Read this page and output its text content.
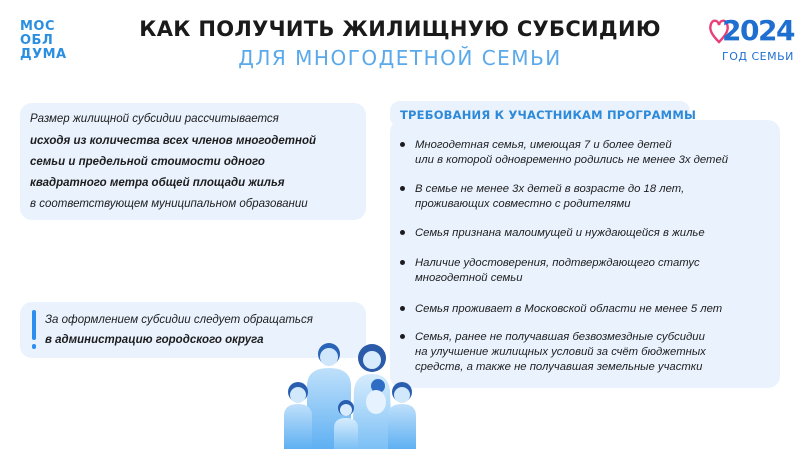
МОС
ОБЛ
ДУМА
КАК ПОЛУЧИТЬ ЖИЛИЩНУЮ СУБСИДИЮ
ДЛЯ МНОГОДЕТНОЙ СЕМЬИ
2024
ГОД СЕМЬИ
Размер жилищной субсидии рассчитывается
исходя из количества всех членов многодетной
семьи и предельной стоимости одного
квадратного метра общей площади жилья
в соответствующем муниципальном образовании
За оформлением субсидии следует обращаться
в администрацию городского округа
Многодетная семья, имеющая 7 и более детей
или в которой одновременно родились не менее 3х детей
В семье не менее 3х детей в возрасте до 18 лет,
проживающих совместно с родителями
Семья признана малоимущей и нуждающейся в жилье
Наличие удостоверения, подтверждающего статус
многодетной семьи
Семья проживает в Московской области не менее 5 лет
Семья, ранее не получавшая безвозмездные субсидии
на улучшение жилищных условий за счёт бюджетных
средств, а также не получавшая земельные участки
ТРЕБОВАНИЯ К УЧАСТНИКАМ ПРОГРАММЫ
